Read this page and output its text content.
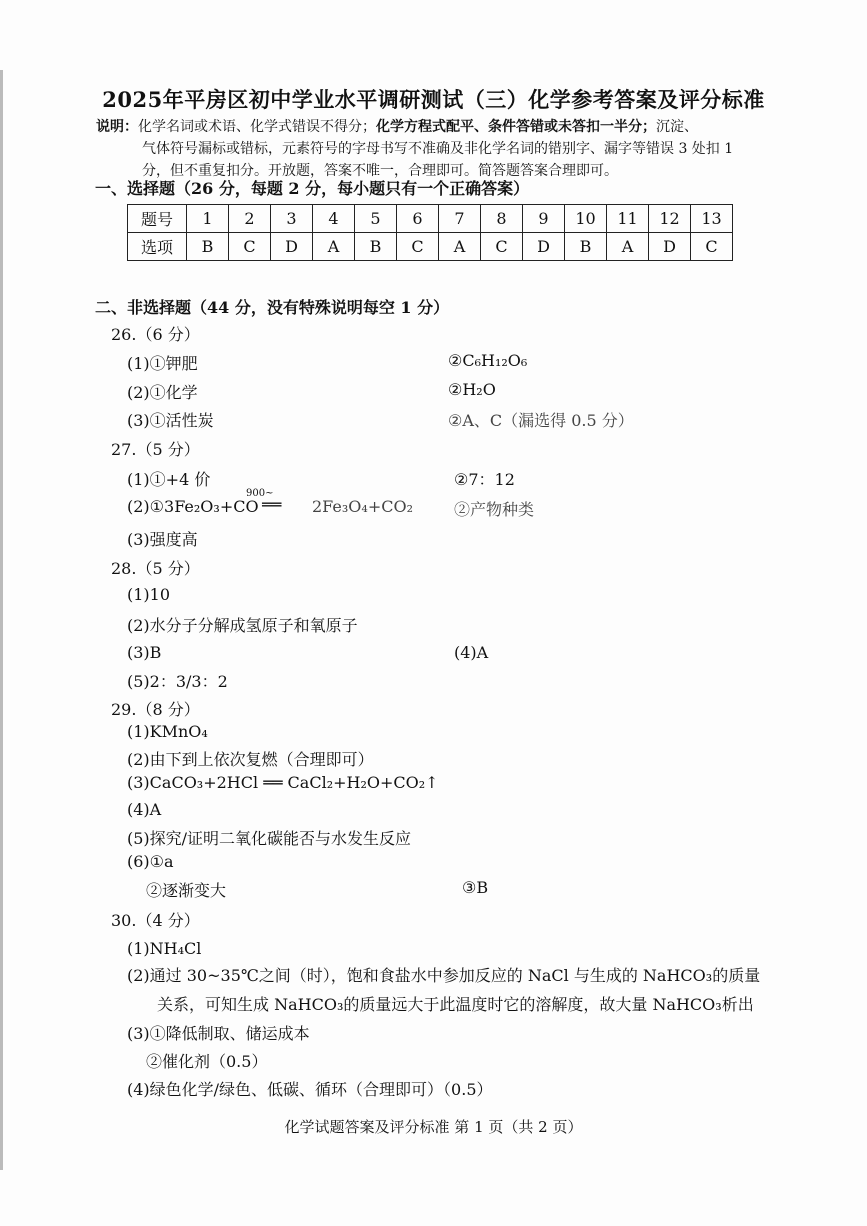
2025年平房区初中学业水平调研测试（三）化学参考答案及评分标准
说明：化学名词或术语、化学式错误不得分；化学方程式配平、条件答错或未答扣一半分；沉淀、
气体符号漏标或错标，元素符号的字母书写不准确及非化学名词的错别字、漏字等错误 3 处扣 1
分，但不重复扣分。开放题，答案不唯一，合理即可。简答题答案合理即可。
一、选择题（26 分，每题 2 分，每小题只有一个正确答案）
题号	1	2	3	4	5	6	7	8	9	10	11	12	13
选项	B	C	D	A	B	C	A	C	D	B	A	D	C
二、非选择题（44 分，没有特殊说明每空 1 分）
26.（6 分）
(1)①钾肥	②C₆H₁₂O₆
(2)①化学	②H₂O
(3)①活性炭	②A、C（漏选得 0.5 分）
27.（5 分）
(1)①+4 价	②7：12
(2)①3Fe₂O₃+CO
900~
══ 2Fe₃O₄+CO₂	②产物种类
(3)强度高
28.（5 分）
(1)10
(2)水分子分解成氢原子和氧原子
(3)B	(4)A
(5)2：3/3：2
29.（8 分）
(1)KMnO₄
(2)由下到上依次复燃（合理即可）
(3)CaCO₃+2HCl ══ CaCl₂+H₂O+CO₂↑
(4)A
(5)探究/证明二氧化碳能否与水发生反应
(6)①a
②逐渐变大	③B
30.（4 分）
(1)NH₄Cl
(2)通过 30~35℃之间（时），饱和食盐水中参加反应的 NaCl 与生成的 NaHCO₃的质量
关系，可知生成 NaHCO₃的质量远大于此温度时它的溶解度，故大量 NaHCO₃析出
(3)①降低制取、储运成本
②催化剂（0.5）
(4)绿色化学/绿色、低碳、循环（合理即可）（0.5）
化学试题答案及评分标准 第 1 页（共 2 页）
